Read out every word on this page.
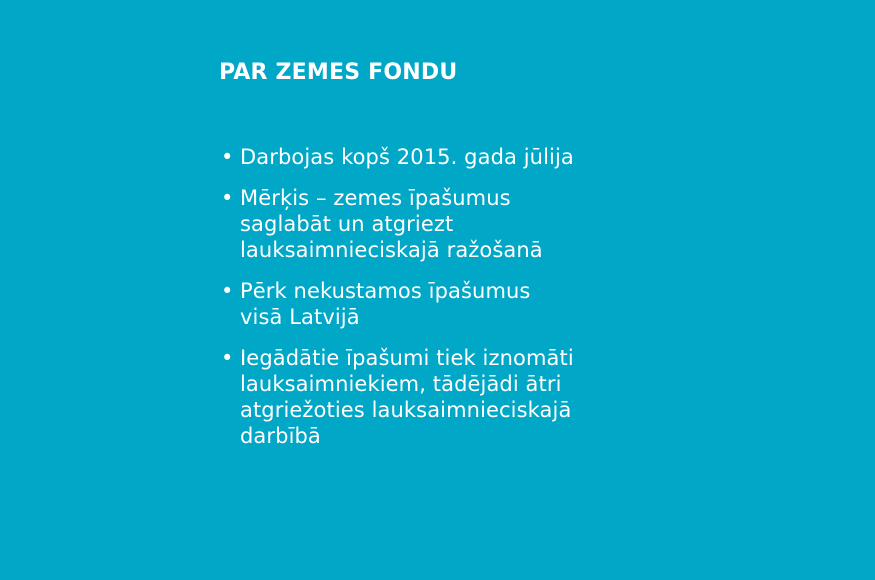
PAR ZEMES FONDU
• Darbojas kopš 2015. gada jūlija
• Mērķis – zemes īpašumus
saglabāt un atgriezt
lauksaimnieciskajā ražošanā
• Pērk nekustamos īpašumus
visā Latvijā
• Iegādātie īpašumi tiek iznomāti
lauksaimniekiem, tādējādi ātri
atgriežoties lauksaimnieciskajā
darbībā
